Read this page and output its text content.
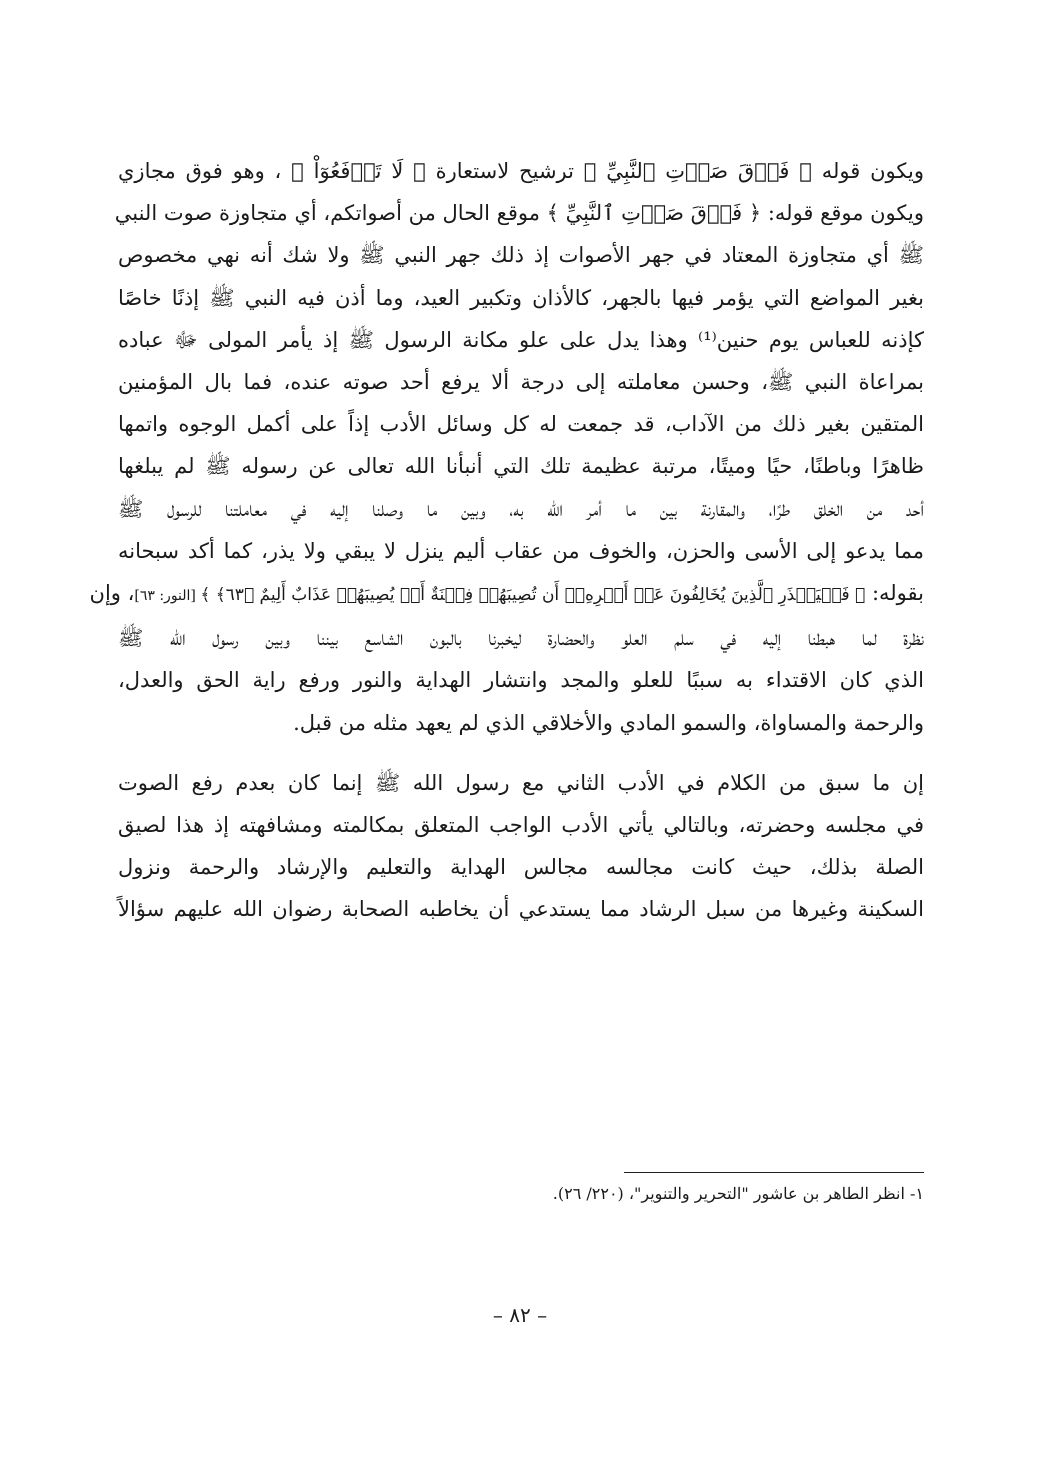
ويكون قوله ﴿ فَوۡقَ صَوۡتِ ٱلنَّبِيِّ ﴾ ترشيح لاستعارة ﴿ لَا تَرۡفَعُوٓاْ ﴾ ، وهو فوق مجازي
ويكون موقع قوله: ﴿ فَوۡقَ صَوۡتِ ٱلنَّبِيِّ ﴾ موقع الحال من أصواتكم، أي متجاوزة صوت النبي
ﷺ أي متجاوزة المعتاد في جهر الأصوات إذ ذلك جهر النبي ﷺ ولا شك أنه نهي مخصوص
بغير المواضع التي يؤمر فيها بالجهر، كالأذان وتكبير العيد، وما أذن فيه النبي ﷺ إذنًا خاصًا
كإذنه للعباس يوم حنين⁽¹⁾ وهذا يدل على علو مكانة الرسول ﷺ إذ يأمر المولى ﷻ عباده
بمراعاة النبي ﷺ، وحسن معاملته إلى درجة ألا يرفع أحد صوته عنده، فما بال المؤمنين
المتقين بغير ذلك من الآداب، قد جمعت له كل وسائل الأدب إذاً على أكمل الوجوه واتمها
ظاهرًا وباطنًا، حيًا وميتًا، مرتبة عظيمة تلك التي أنبأنا الله تعالى عن رسوله ﷺ لم يبلغها
أحد من الخلق طرًا، والمقارنة بين ما أمر الله به، وبين ما وصلنا إليه في معاملتنا للرسول ﷺ
مما يدعو إلى الأسى والحزن، والخوف من عقاب أليم ينزل لا يبقي ولا يذر، كما أكد سبحانه
بقوله: ﴿ فَلۡيَحۡذَرِ ٱلَّذِينَ يُخَالِفُونَ عَنۡ أَمۡرِهِۦٓ أَن تُصِيبَهُمۡ فِتۡنَةٌ أَوۡ يُصِيبَهُمۡ عَذَابٌ أَلِيمٌ ﴿٦٣﴾ ﴾ [النور: ٦٣]، وإن
نظرة لما هبطنا إليه في سلم العلو والحضارة ليخبرنا بالبون الشاسع بيننا وبين رسول الله ﷺ
الذي كان الاقتداء به سببًا للعلو والمجد وانتشار الهداية والنور ورفع راية الحق والعدل،
والرحمة والمساواة، والسمو المادي والأخلاقي الذي لم يعهد مثله من قبل.
إن ما سبق من الكلام في الأدب الثاني مع رسول الله ﷺ إنما كان بعدم رفع الصوت
في مجلسه وحضرته، وبالتالي يأتي الأدب الواجب المتعلق بمكالمته ومشافهته إذ هذا لصيق
الصلة بذلك، حيث كانت مجالسه مجالس الهداية والتعليم والإرشاد والرحمة ونزول
السكينة وغيرها من سبل الرشاد مما يستدعي أن يخاطبه الصحابة رضوان الله عليهم سؤالاً
١- انظر الطاهر بن عاشور "التحرير والتنوير"، (٢٢٠/ ٢٦).
– ٨٢ –
